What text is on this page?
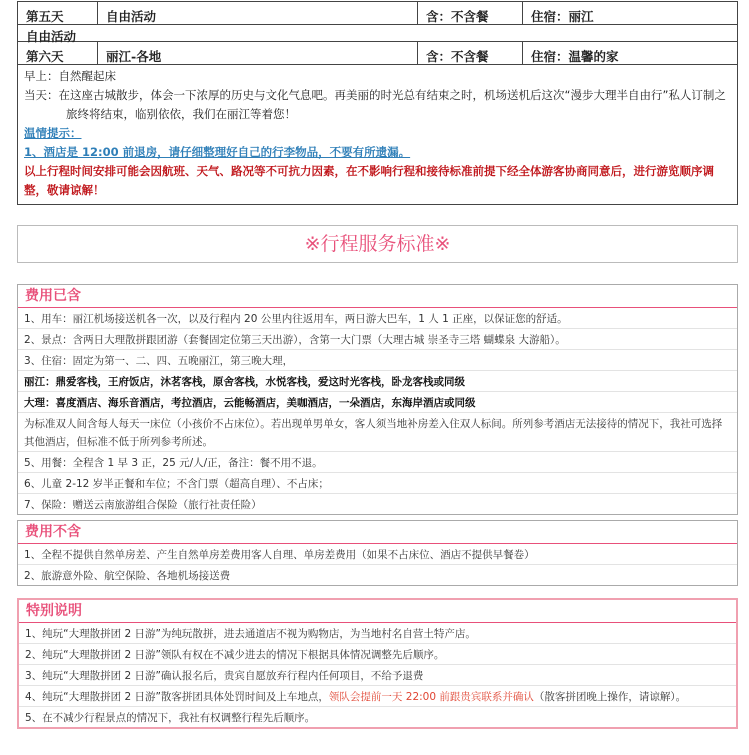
第五天	自由活动	含：不含餐	住宿：丽江
自由活动
第六天	丽江-各地	含：不含餐	住宿：温馨的家

早上：自然醒起床

当天：在这座古城散步，体会一下浓厚的历史与文化气息吧。再美丽的时光总有结束之时，机场送机后这次“漫步大理半自由行”私人订制之旅终将结束，临别依依，我们在丽江等着您！

温情提示：

1、酒店是 12:00 前退房，请仔细整理好自己的行李物品，不要有所遗漏。

以上行程时间安排可能会因航班、天气、路况等不可抗力因素，在不影响行程和接待标准前提下经全体游客协商同意后，进行游览顺序调整，敬请谅解！

※行程服务标准※
费用已含
1、用车：丽江机场接送机各一次，以及行程内 20 公里内往返用车，两日游大巴车，1 人 1 正座，以保证您的舒适。
2、景点：含两日大理散拼跟团游（套餐固定位第三天出游），含第一大门票（大理古城 崇圣寺三塔 蝴蝶泉 大游船）。
3、住宿：固定为第一、二、四、五晚丽江，第三晚大理，
丽江：鼎爱客栈，王府饭店，沐茗客栈，原舍客栈，水悦客栈，爱这时光客栈，卧龙客栈或同级
大理：喜度酒店、海乐音酒店，考拉酒店，云能畅酒店，美咖酒店，一朵酒店，东海岸酒店或同级
为标准双人间含每人每天一床位（小孩价不占床位）。若出现单男单女，客人须当地补房差入住双人标间。所列参考酒店无法接待的情况下，我社可选择其他酒店，但标准不低于所列参考所述。
5、用餐：全程含 1 早 3 正，25 元/人/正，备注：餐不用不退。
6、儿童 2-12 岁半正餐和车位；不含门票（超高自理）、不占床；
7、保险：赠送云南旅游组合保险（旅行社责任险）
费用不含
1、全程不提供自然单房差、产生自然单房差费用客人自理、单房差费用（如果不占床位、酒店不提供早餐卷）
2、旅游意外险、航空保险、各地机场接送费
特别说明
1、纯玩“大理散拼团 2 日游”为纯玩散拼，进去通道店不视为购物店，为当地村名自营土特产店。
2、纯玩“大理散拼团 2 日游”领队有权在不减少进去的情况下根据具体情况调整先后顺序。
3、纯玩“大理散拼团 2 日游”确认报名后，贵宾自愿放弃行程内任何项目，不给予退费
4、纯玩“大理散拼团 2 日游”散客拼团具体处罚时间及上车地点，领队会提前一天 22:00 前跟贵宾联系并确认（散客拼团晚上操作，请谅解）。
5、在不减少行程景点的情况下，我社有权调整行程先后顺序。
